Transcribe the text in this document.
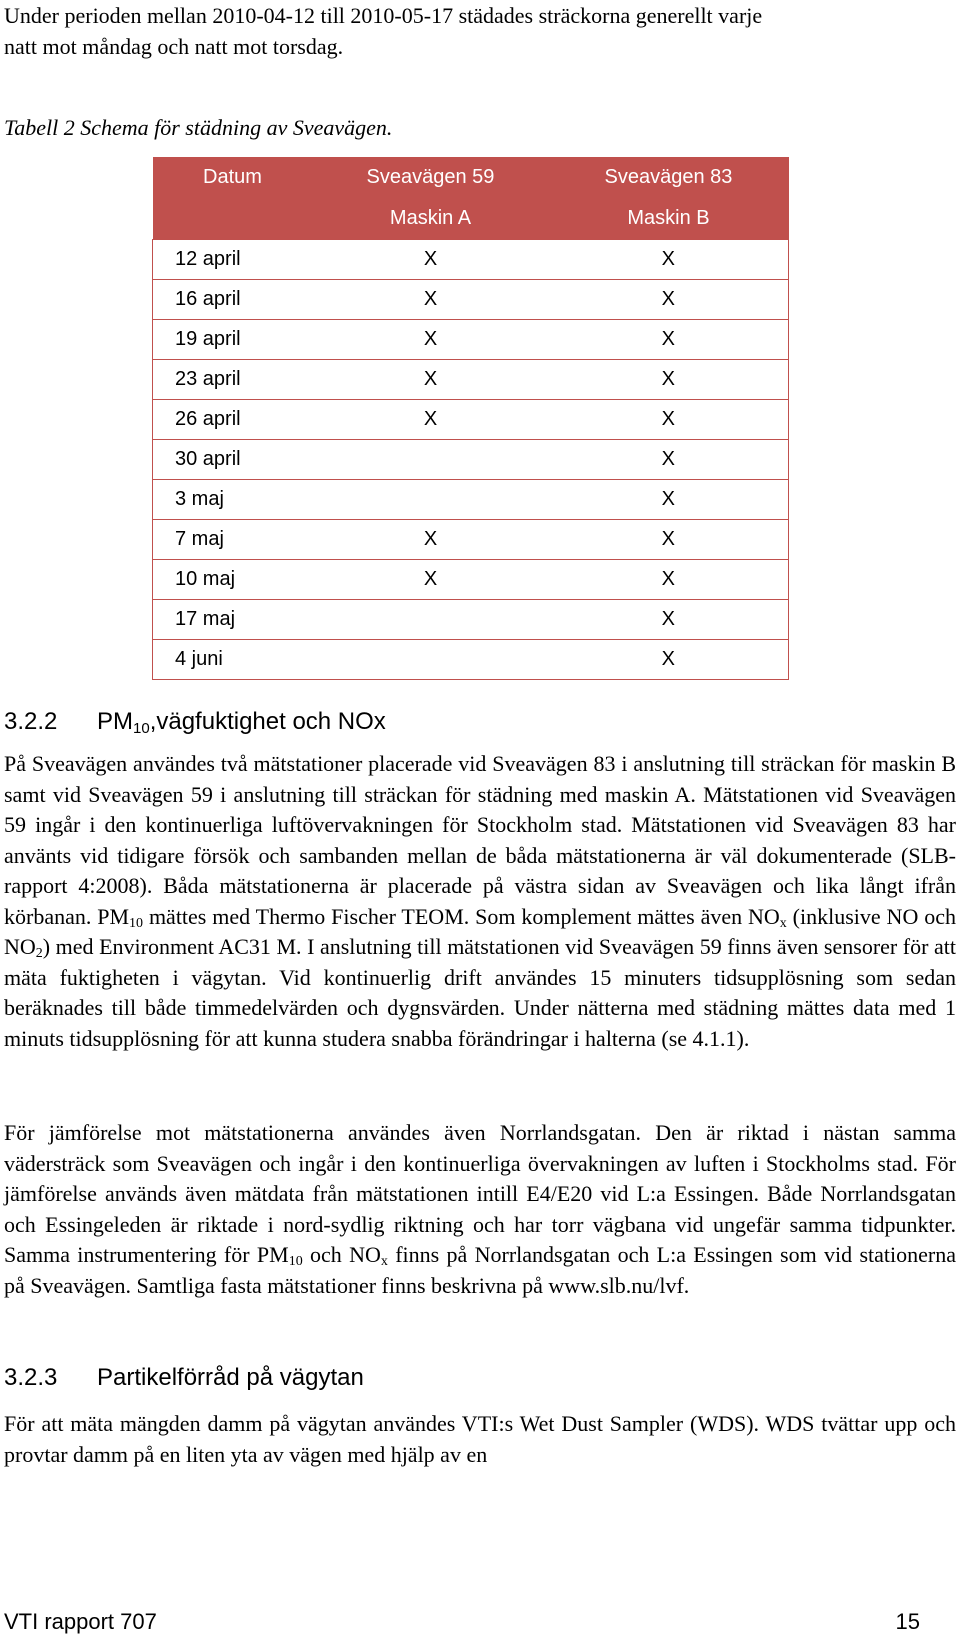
Under perioden mellan 2010-04-12 till 2010-05-17 städades sträckorna generellt varje
natt mot måndag och natt mot torsdag.
Tabell 2 Schema för städning av Sveavägen.
Datum	Sveavägen 59	Sveavägen 83
	Maskin A	Maskin B
12 april	X	X
16 april	X	X
19 april	X	X
23 april	X	X
26 april	X	X
30 april		X
3 maj		X
7 maj	X	X
10 maj	X	X
17 maj		X
4 juni		X
3.2.2 $PM_{10},vägfuktighet$ och NOx
På Sveavägen användes två mätstationer placerade vid Sveavägen 83 i anslutning till sträckan för maskin B samt vid Sveavägen 59 i anslutning till sträckan för städning med maskin A. Mätstationen vid Sveavägen 59 ingår i den kontinuerliga luftövervakningen för Stockholm stad. Mätstationen vid Sveavägen 83 har använts vid tidigare försök och sambanden mellan de båda mätstationerna är väl dokumenterade (SLB-rapport 4:2008). Båda mätstationerna är placerade på västra sidan av Sveavägen och lika långt ifrån körbanan. $PM_{10}$ mättes med Thermo Fischer TEOM. Som komplement mättes även $NO_x$ (inklusive NO och $NO_2$) med Environment AC31 M. I anslutning till mätstationen vid Sveavägen 59 finns även sensorer för att mäta fuktigheten i vägytan. Vid kontinuerlig drift användes 15 minuters tidsupplösning som sedan beräknades till både timmedelvärden och dygnsvärden. Under nätterna med städning mättes data med 1 minuts tidsupplösning för att kunna studera snabba förändringar i halterna (se 4.1.1).
För jämförelse mot mätstationerna användes även Norrlandsgatan. Den är riktad i nästan samma vädersträck som Sveavägen och ingår i den kontinuerliga övervakningen av luften i Stockholms stad. För jämförelse används även mätdata från mätstationen intill E4/E20 vid L:a Essingen. Både Norrlandsgatan och Essingeleden är riktade i nord-sydlig riktning och har torr vägbana vid ungefär samma tidpunkter. Samma instrumentering för $PM_{10}$ och $NO_x$ finns på Norrlandsgatan och L:a Essingen som vid stationerna på Sveavägen. Samtliga fasta mätstationer finns beskrivna på www.slb.nu/lvf.
3.2.3 Partikelförråd på vägytan
För att mäta mängden damm på vägytan användes VTI:s Wet Dust Sampler (WDS). WDS tvättar upp och provtar damm på en liten yta av vägen med hjälp av en
VTI rapport 707	15
